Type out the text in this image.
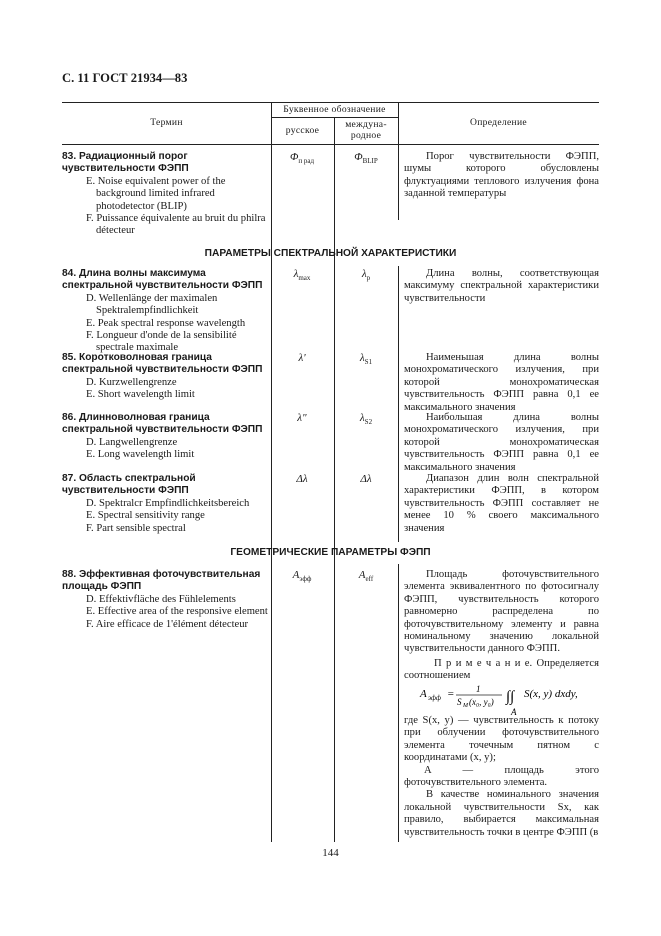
С. 11 ГОСТ 21934—83
Термин
Буквенное обозначение
русское
междуна-
родное
Определение

83. Радиационный порог чувствительности ФЭПП

E. Noise equivalent power of the background limited infrared photodetector (BLIP)

F. Puissance équivalente au bruit du philra détecteur

$\Phi_{п рад}$	$\Phi_{BLIP}$	Порог чувствительности ФЭПП, шумы которого обусловлены флуктуациями теплового излучения фона заданной температуры

ПАРАМЕТРЫ СПЕКТРАЛЬНОЙ ХАРАКТЕРИСТИКИ

84. Длина волны максимума спектральной чувствительности ФЭПП

D. Wellenlänge der maximalen Spektralempfindlichkeit

E. Peak spectral response wavelength

F. Longueur d'onde de la sensibilité spectrale maximale

$\lambda_{max}$	$\lambda_p$	Длина волны, соответствующая максимуму спектральной характеристики чувствительности

85. Коротковолновая граница спектральной чувствительности ФЭПП

D. Kurzwellengrenze

E. Short wavelength limit

λ'	$\lambda_{S1}$	Наименьшая длина волны монохроматического излучения, при которой монохроматическая чувствительность ФЭПП равна 0,1 ее максимального значения

86. Длинноволновая граница спектральной чувствительности ФЭПП

D. Langwellengrenze

E. Long wavelength limit

λ"	$\lambda_{S2}$	Наибольшая длина волны монохроматического излучения, при которой монохроматическая чувствительность ФЭПП равна 0,1 ее максимального значения

87. Область спектральной чувствительности ФЭПП

D. Spektralcr Empfindlichkeitsbereich

E. Spectral sensitivity range

F. Part sensible spectral

Δλ	Δλ	Диапазон длин волн спектральной характеристики ФЭПП, в котором чувствительность ФЭПП составляет не менее 10 % своего максимального значения

ГЕОМЕТРИЧЕСКИЕ ПАРАМЕТРЫ ФЭПП

88. Эффективная фоточувствительная площадь ФЭПП

D. Effektivfläche des Fühlelements

E. Effective area of the responsive element

F. Aire efficace de 1'élément détecteur

$A_{эфф}$	$A_{eff}$	Площадь фоточувствительного элемента эквивалентного по фотосигналу ФЭПП, чувствительность которого равномерно распределена по фоточувствительному элементу и равна номинальному значению локальной чувствительности данного ФЭПП.

П р и м е ч а н и е. Определяется соотношением

A эфф = 1
S M (x₀, y₀) ∫∫
A
S(x, y) dxdy,

где S(x, y) — чувствительность к потоку при облучении фоточувствительного элемента точечным пятном с координатами (x, y);

A — площадь этого фоточувствительного элемента.

В качестве номинального значения локальной чувствительности Sx, как правило, выбирается максимальная чувствительность точки в центре ФЭПП (в

144
